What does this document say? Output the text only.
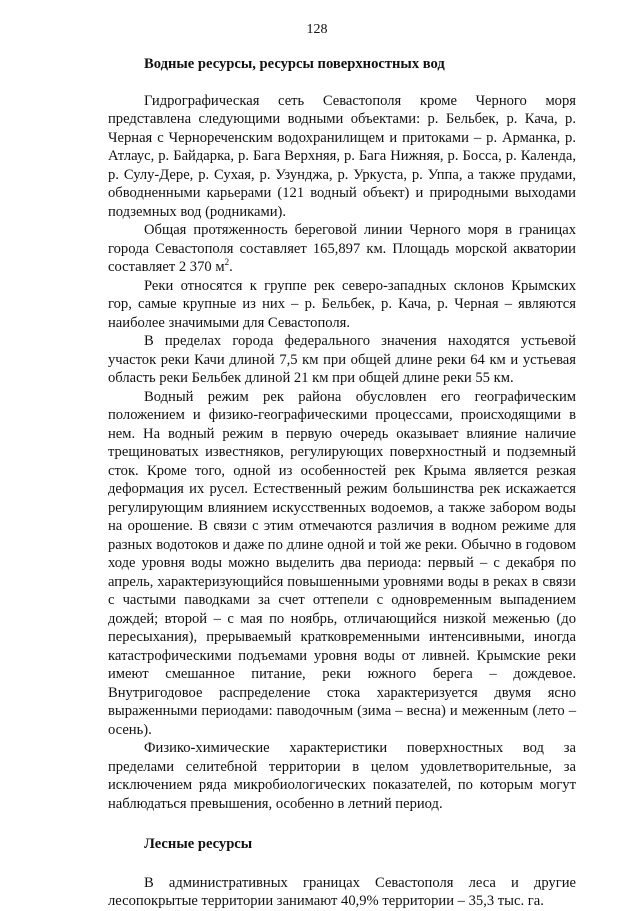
128
Водные ресурсы, ресурсы поверхностных вод

Гидрографическая сеть Севастополя кроме Черного моря представлена следующими водными объектами: р. Бельбек, р. Кача, р. Черная с Чернореченским водохранилищем и притоками – р. Арманка, р. Атлаус, р. Байдарка, р. Бага Верхняя, р. Бага Нижняя, р. Босса, р. Календа, р. Сулу-Дере, р. Сухая, р. Узунджа, р. Уркуста, р. Уппа, а также прудами, обводненными карьерами (121 водный объект) и природными выходами подземных вод (родниками).

Общая протяженность береговой линии Черного моря в границах города Севастополя составляет 165,897 км. Площадь морской акватории составляет 2 370 $м^2$.

Реки относятся к группе рек северо-западных склонов Крымских гор, самые крупные из них – р. Бельбек, р. Кача, р. Черная – являются наиболее значимыми для Севастополя.

В пределах города федерального значения находятся устьевой участок реки Качи длиной 7,5 км при общей длине реки 64 км и устьевая область реки Бельбек длиной 21 км при общей длине реки 55 км.

Водный режим рек района обусловлен его географическим положением и физико-географическими процессами, происходящими в нем. На водный режим в первую очередь оказывает влияние наличие трещиноватых известняков, регулирующих поверхностный и подземный сток. Кроме того, одной из особенностей рек Крыма является резкая деформация их русел. Естественный режим большинства рек искажается регулирующим влиянием искусственных водоемов, а также забором воды на орошение. В связи с этим отмечаются различия в водном режиме для разных водотоков и даже по длине одной и той же реки. Обычно в годовом ходе уровня воды можно выделить два периода: первый – с декабря по апрель, характеризующийся повышенными уровнями воды в реках в связи с частыми паводками за счет оттепели с одновременным выпадением дождей; второй – с мая по ноябрь, отличающийся низкой меженью (до пересыхания), прерываемый кратковременными интенсивными, иногда катастрофическими подъемами уровня воды от ливней. Крымские реки имеют смешанное питание, реки южного берега – дождевое. Внутригодовое распределение стока характеризуется двумя ясно выраженными периодами: паводочным (зима – весна) и меженным (лето – осень).

Физико-химические характеристики поверхностных вод за пределами селитебной территории в целом удовлетворительные, за исключением ряда микробиологических показателей, по которым могут наблюдаться превышения, особенно в летний период.

Лесные ресурсы

В административных границах Севастополя леса и другие лесопокрытые территории занимают 40,9% территории – 35,3 тыс. га.
